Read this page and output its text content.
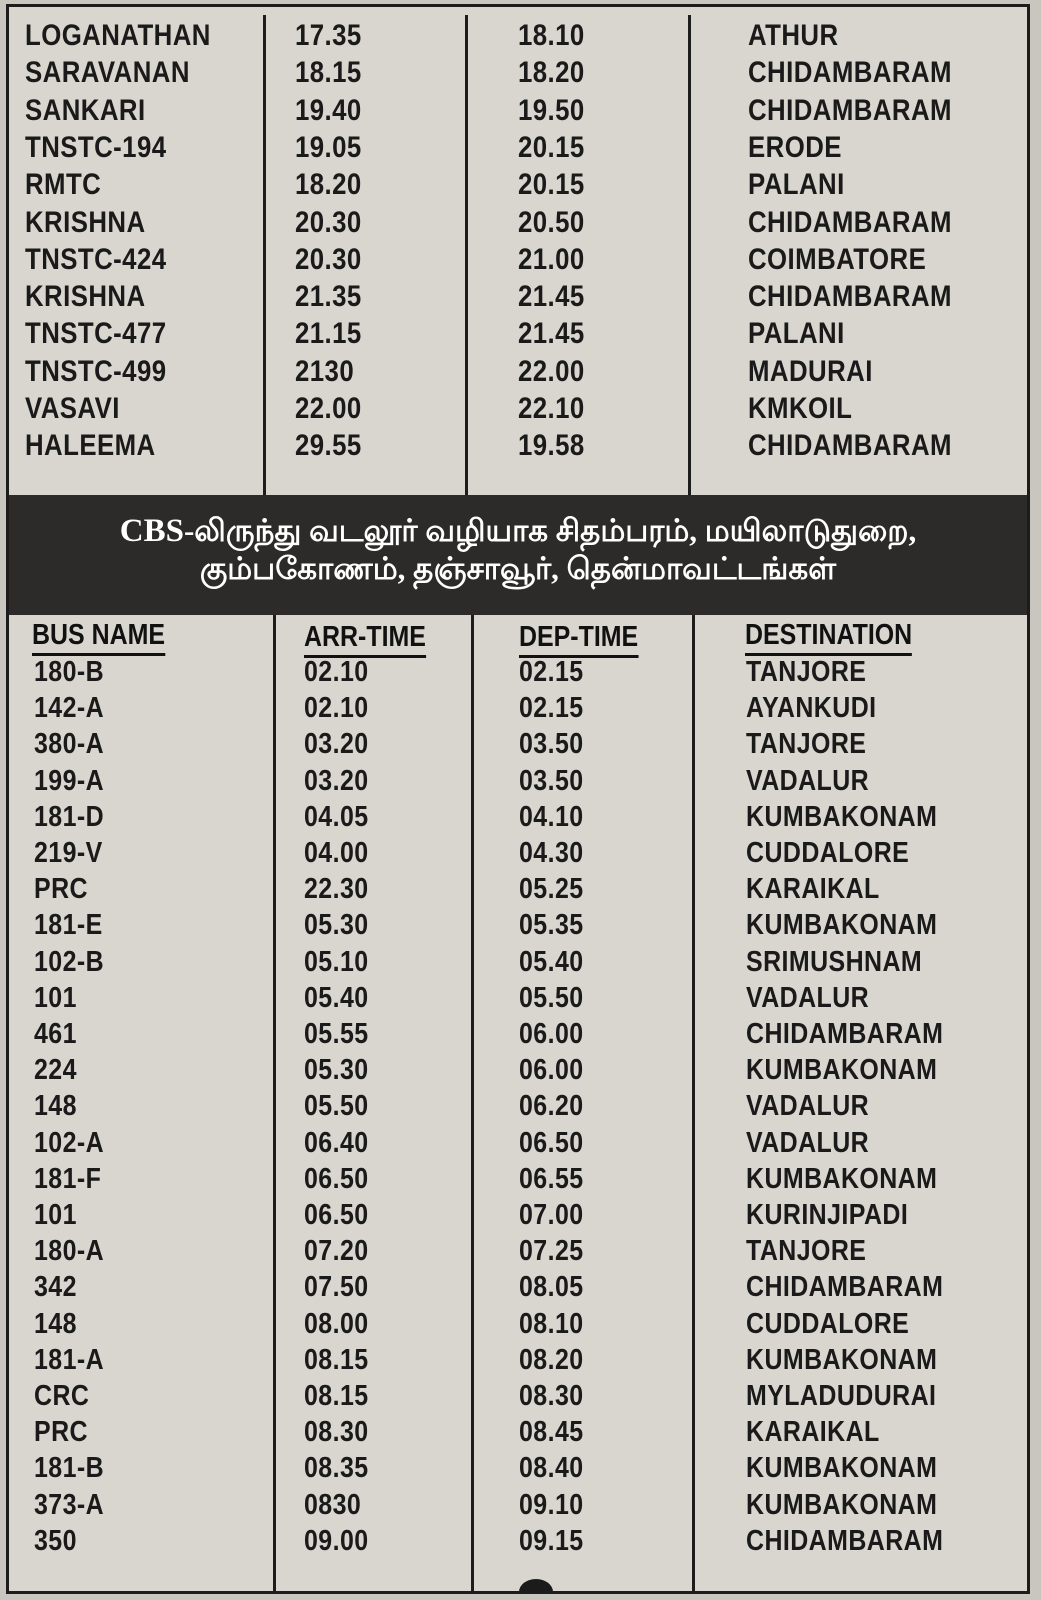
LOGANATHAN	17.35	18.10	ATHUR
SARAVANAN	18.15	18.20	CHIDAMBARAM
SANKARI	19.40	19.50	CHIDAMBARAM
TNSTC-194	19.05	20.15	ERODE
RMTC	18.20	20.15	PALANI
KRISHNA	20.30	20.50	CHIDAMBARAM
TNSTC-424	20.30	21.00	COIMBATORE
KRISHNA	21.35	21.45	CHIDAMBARAM
TNSTC-477	21.15	21.45	PALANI
TNSTC-499	2130	22.00	MADURAI
VASAVI	22.00	22.10	KMKOIL
HALEEMA	29.55	19.58	CHIDAMBARAM
CBS-லிருந்து வடலூர் வழியாக சிதம்பரம், மயிலாடுதுறை,
கும்பகோணம், தஞ்சாவூர், தென்மாவட்டங்கள்
BUS NAME	ARR-TIME	DEP-TIME	DESTINATION
180-B	02.10	02.15	TANJORE
142-A	02.10	02.15	AYANKUDI
380-A	03.20	03.50	TANJORE
199-A	03.20	03.50	VADALUR
181-D	04.05	04.10	KUMBAKONAM
219-V	04.00	04.30	CUDDALORE
PRC	22.30	05.25	KARAIKAL
181-E	05.30	05.35	KUMBAKONAM
102-B	05.10	05.40	SRIMUSHNAM
101	05.40	05.50	VADALUR
461	05.55	06.00	CHIDAMBARAM
224	05.30	06.00	KUMBAKONAM
148	05.50	06.20	VADALUR
102-A	06.40	06.50	VADALUR
181-F	06.50	06.55	KUMBAKONAM
101	06.50	07.00	KURINJIPADI
180-A	07.20	07.25	TANJORE
342	07.50	08.05	CHIDAMBARAM
148	08.00	08.10	CUDDALORE
181-A	08.15	08.20	KUMBAKONAM
CRC	08.15	08.30	MYLADUDURAI
PRC	08.30	08.45	KARAIKAL
181-B	08.35	08.40	KUMBAKONAM
373-A	0830	09.10	KUMBAKONAM
350	09.00	09.15	CHIDAMBARAM
